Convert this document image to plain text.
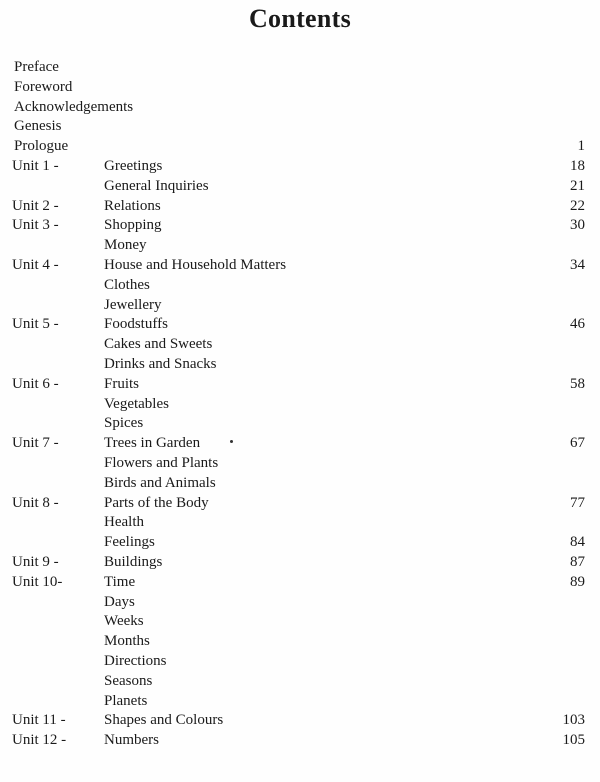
Contents
Preface
Foreword
Acknowledgements
Genesis
Prologue	1
Unit 1 -	Greetings	18
General Inquiries	21
Unit 2 -	Relations	22
Unit 3 -	Shopping	30
Money
Unit 4 -	House and Household Matters	34
Clothes
Jewellery
Unit 5 -	Foodstuffs	46
Cakes and Sweets
Drinks and Snacks
Unit 6 -	Fruits	58
Vegetables
Spices
Unit 7 -	Trees in Garden	67
Flowers and Plants
Birds and Animals
Unit 8 -	Parts of the Body	77
Health
Feelings	84
Unit 9 -	Buildings	87
Unit 10-	Time	89
Days
Weeks
Months
Directions
Seasons
Planets
Unit 11 -	Shapes and Colours	103
Unit 12 -	Numbers	105
